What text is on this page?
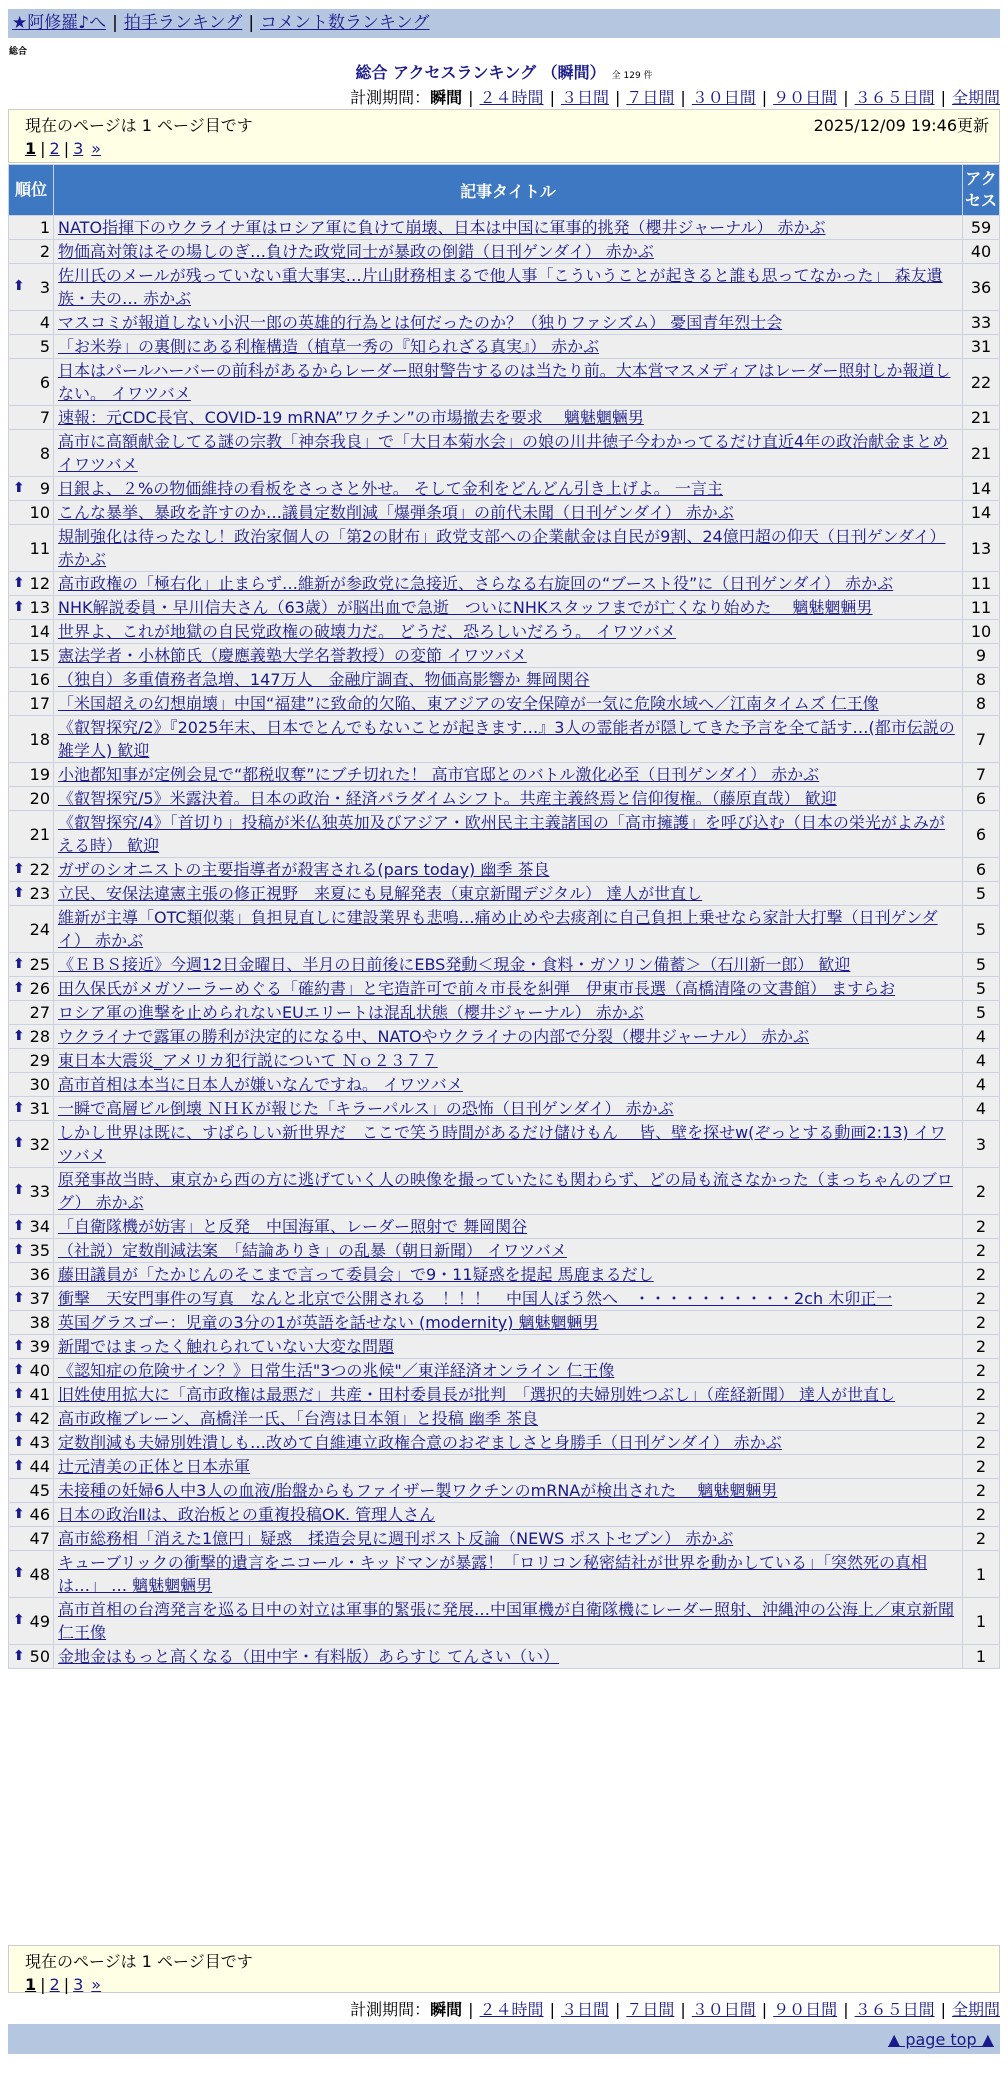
★阿修羅♪へ | 拍手ランキング | コメント数ランキング
総合
総合 アクセスランキング （瞬間） 全 129 件
計測期間：瞬間 | ２４時間 | ３日間 | ７日間 | ３０日間 | ９０日間 | ３６５日間 | 全期間
現在のページは 1 ページ目です	2025/12/09 19:46更新
1 | 2 | 3 »
順位	記事タイトル	アクセス
1	NATO指揮下のウクライナ軍はロシア軍に負けて崩壊、日本は中国に軍事的挑発（櫻井ジャーナル） 赤かぶ	59
2	物価高対策はその場しのぎ…負けた政党同士が暴政の倒錯（日刊ゲンダイ） 赤かぶ	40

⬆ 3	佐川氏のメールが残っていない重大事実…片山財務相まるで他人事「こういうことが起きると誰も思ってなかった」 森友遺族・夫の… 赤かぶ	36
4	マスコミが報道しない小沢一郎の英雄的行為とは何だったのか？（独りファシズム） 憂国青年烈士会	33
5	「お米券」の裏側にある利権構造（植草一秀の『知られざる真実』） 赤かぶ	31
6	日本はパールハーバーの前科があるからレーダー照射警告するのは当たり前。大本営マスメディアはレーダー照射しか報道しない。 イワツバメ	22
7	速報：元CDC長官、COVID-19 mRNA”ワクチン”の市場撤去を要求　 魑魅魍魎男	21
8	高市に高額献金してる謎の宗教「神奈我良」で「大日本菊水会」の娘の川井徳子今わかってるだけ直近4年の政治献金まとめ イワツバメ	21

⬆ 9	日銀よ、２%の物価維持の看板をさっさと外せ。 そして金利をどんどん引き上げよ。 一言主	14
10	こんな暴挙、暴政を許すのか…議員定数削減「爆弾条項」の前代未聞（日刊ゲンダイ） 赤かぶ	14
11	規制強化は待ったなし！政治家個人の「第2の財布」政党支部への企業献金は自民が9割、24億円超の仰天（日刊ゲンダイ） 赤かぶ	13

⬆ 12	高市政権の「極右化」止まらず…維新が参政党に急接近、さらなる右旋回の“ブースト役”に（日刊ゲンダイ） 赤かぶ	11

⬆ 13	NHK解説委員・早川信夫さん（63歳）が脳出血で急逝　ついにNHKスタッフまでが亡くなり始めた　 魑魅魍魎男	11
14	世界よ、これが地獄の自民党政権の破壊力だ。 どうだ、恐ろしいだろう。 イワツバメ	10
15	憲法学者・小林節氏（慶應義塾大学名誉教授）の変節 イワツバメ	9
16	（独自）多重債務者急増、147万人　金融庁調査、物価高影響か 舞岡関谷	8
17	「米国超えの幻想崩壊」中国“福建”に致命的欠陥、東アジアの安全保障が一気に危険水域へ／江南タイムズ 仁王像	8
18	《叡智探究/2》『2025年末、日本でとんでもないことが起きます…』3人の霊能者が隠してきた予言を全て話す…(都市伝説の雑学人) 歓迎	7
19	小池都知事が定例会見で“都税収奪”にブチ切れた！ 高市官邸とのバトル激化必至（日刊ゲンダイ） 赤かぶ	7
20	《叡智探究/5》米露決着。日本の政治・経済パラダイムシフト。共産主義終焉と信仰復権。（藤原直哉） 歓迎	6
21	《叡智探究/4》「首切り」投稿が米仏独英加及びアジア・欧州民主主義諸国の「高市擁護」を呼び込む（日本の栄光がよみがえる時） 歓迎	6

⬆ 22	ガザのシオニストの主要指導者が殺害される(pars today) 幽季 茶良	6

⬆ 23	立民、安保法違憲主張の修正視野　来夏にも見解発表（東京新聞デジタル） 達人が世直し	5
24	維新が主導「OTC類似薬」負担見直しに建設業界も悲鳴…痛め止めや去痰剤に自己負担上乗せなら家計大打撃（日刊ゲンダイ） 赤かぶ	5

⬆ 25	《ＥＢＳ接近》今週12日金曜日、半月の日前後にEBS発動＜現金・食料・ガソリン備蓄＞（石川新一郎） 歓迎	5

⬆ 26	田久保氏がメガソーラーめぐる「確約書」と宅造許可で前々市長を糾弾　伊東市長選（高橋清隆の文書館） ますらお	5
27	ロシア軍の進撃を止められないEUエリートは混乱状態（櫻井ジャーナル） 赤かぶ	5

⬆ 28	ウクライナで露軍の勝利が決定的になる中、NATOやウクライナの内部で分裂（櫻井ジャーナル） 赤かぶ	4
29	東日本大震災_アメリカ犯行説について Ｎｏ２３７７	4
30	高市首相は本当に日本人が嫌いなんですね。 イワツバメ	4

⬆ 31	一瞬で高層ビル倒壊 ＮＨＫが報じた「キラーパルス」の恐怖（日刊ゲンダイ） 赤かぶ	4

⬆ 32	しかし世界は既に、すばらしい新世界だ　ここで笑う時間があるだけ儲けもん　 皆、壁を探せw(ぞっとする動画2:13) イワツバメ	3

⬆ 33	原発事故当時、東京から西の方に逃げていく人の映像を撮っていたにも関わらず、どの局も流さなかった（まっちゃんのブログ） 赤かぶ	2

⬆ 34	「自衛隊機が妨害」と反発　中国海軍、レーダー照射で 舞岡関谷	2

⬆ 35	（社説）定数削減法案　「結論ありき」の乱暴（朝日新聞） イワツバメ	2
36	藤田議員が「たかじんのそこまで言って委員会」で9・11疑惑を提起 馬鹿まるだし	2

⬆ 37	衝撃　天安門事件の写真　なんと北京で公開される　！！！　中国人ぼう然へ　・・・・・・・・・・2ch 木卯正一	2
38	英国グラスゴー：児童の3分の1が英語を話せない (modernity) 魑魅魍魎男	2

⬆ 39	新聞ではまったく触れられていない大変な問題	2

⬆ 40	《認知症の危険サイン？》日常生活"3つの兆候"／東洋経済オンライン 仁王像	2

⬆ 41	旧姓使用拡大に「高市政権は最悪だ」共産・田村委員長が批判　「選択的夫婦別姓つぶし」（産経新聞） 達人が世直し	2

⬆ 42	高市政権ブレーン、高橋洋一氏、「台湾は日本領」と投稿 幽季 茶良	2

⬆ 43	定数削減も夫婦別姓潰しも…改めて自維連立政権合意のおぞましさと身勝手（日刊ゲンダイ） 赤かぶ	2

⬆ 44	辻元清美の正体と日本赤軍	2
45	未接種の妊婦6人中3人の血液/胎盤からもファイザー製ワクチンのmRNAが検出された　 魑魅魍魎男	2

⬆ 46	日本の政治Ⅱは、政治板との重複投稿OK. 管理人さん	2
47	高市総務相「消えた1億円」疑惑　揉造会見に週刊ポスト反論（NEWS ポストセブン） 赤かぶ	2

⬆ 48	キューブリックの衝撃的遺言をニコール・キッドマンが暴露！「ロリコン秘密結社が世界を動かしている」「突然死の真相は…」 … 魑魅魍魎男	1

⬆ 49	高市首相の台湾発言を巡る日中の対立は軍事的緊張に発展…中国軍機が自衛隊機にレーダー照射、沖縄沖の公海上／東京新聞 仁王像	1

⬆ 50	金地金はもっと高くなる（田中宇・有料版）あらすじ てんさい（い）	1
現在のページは 1 ページ目です
1 | 2 | 3 »
計測期間：瞬間 | ２４時間 | ３日間 | ７日間 | ３０日間 | ９０日間 | ３６５日間 | 全期間
▲ page top ▲
